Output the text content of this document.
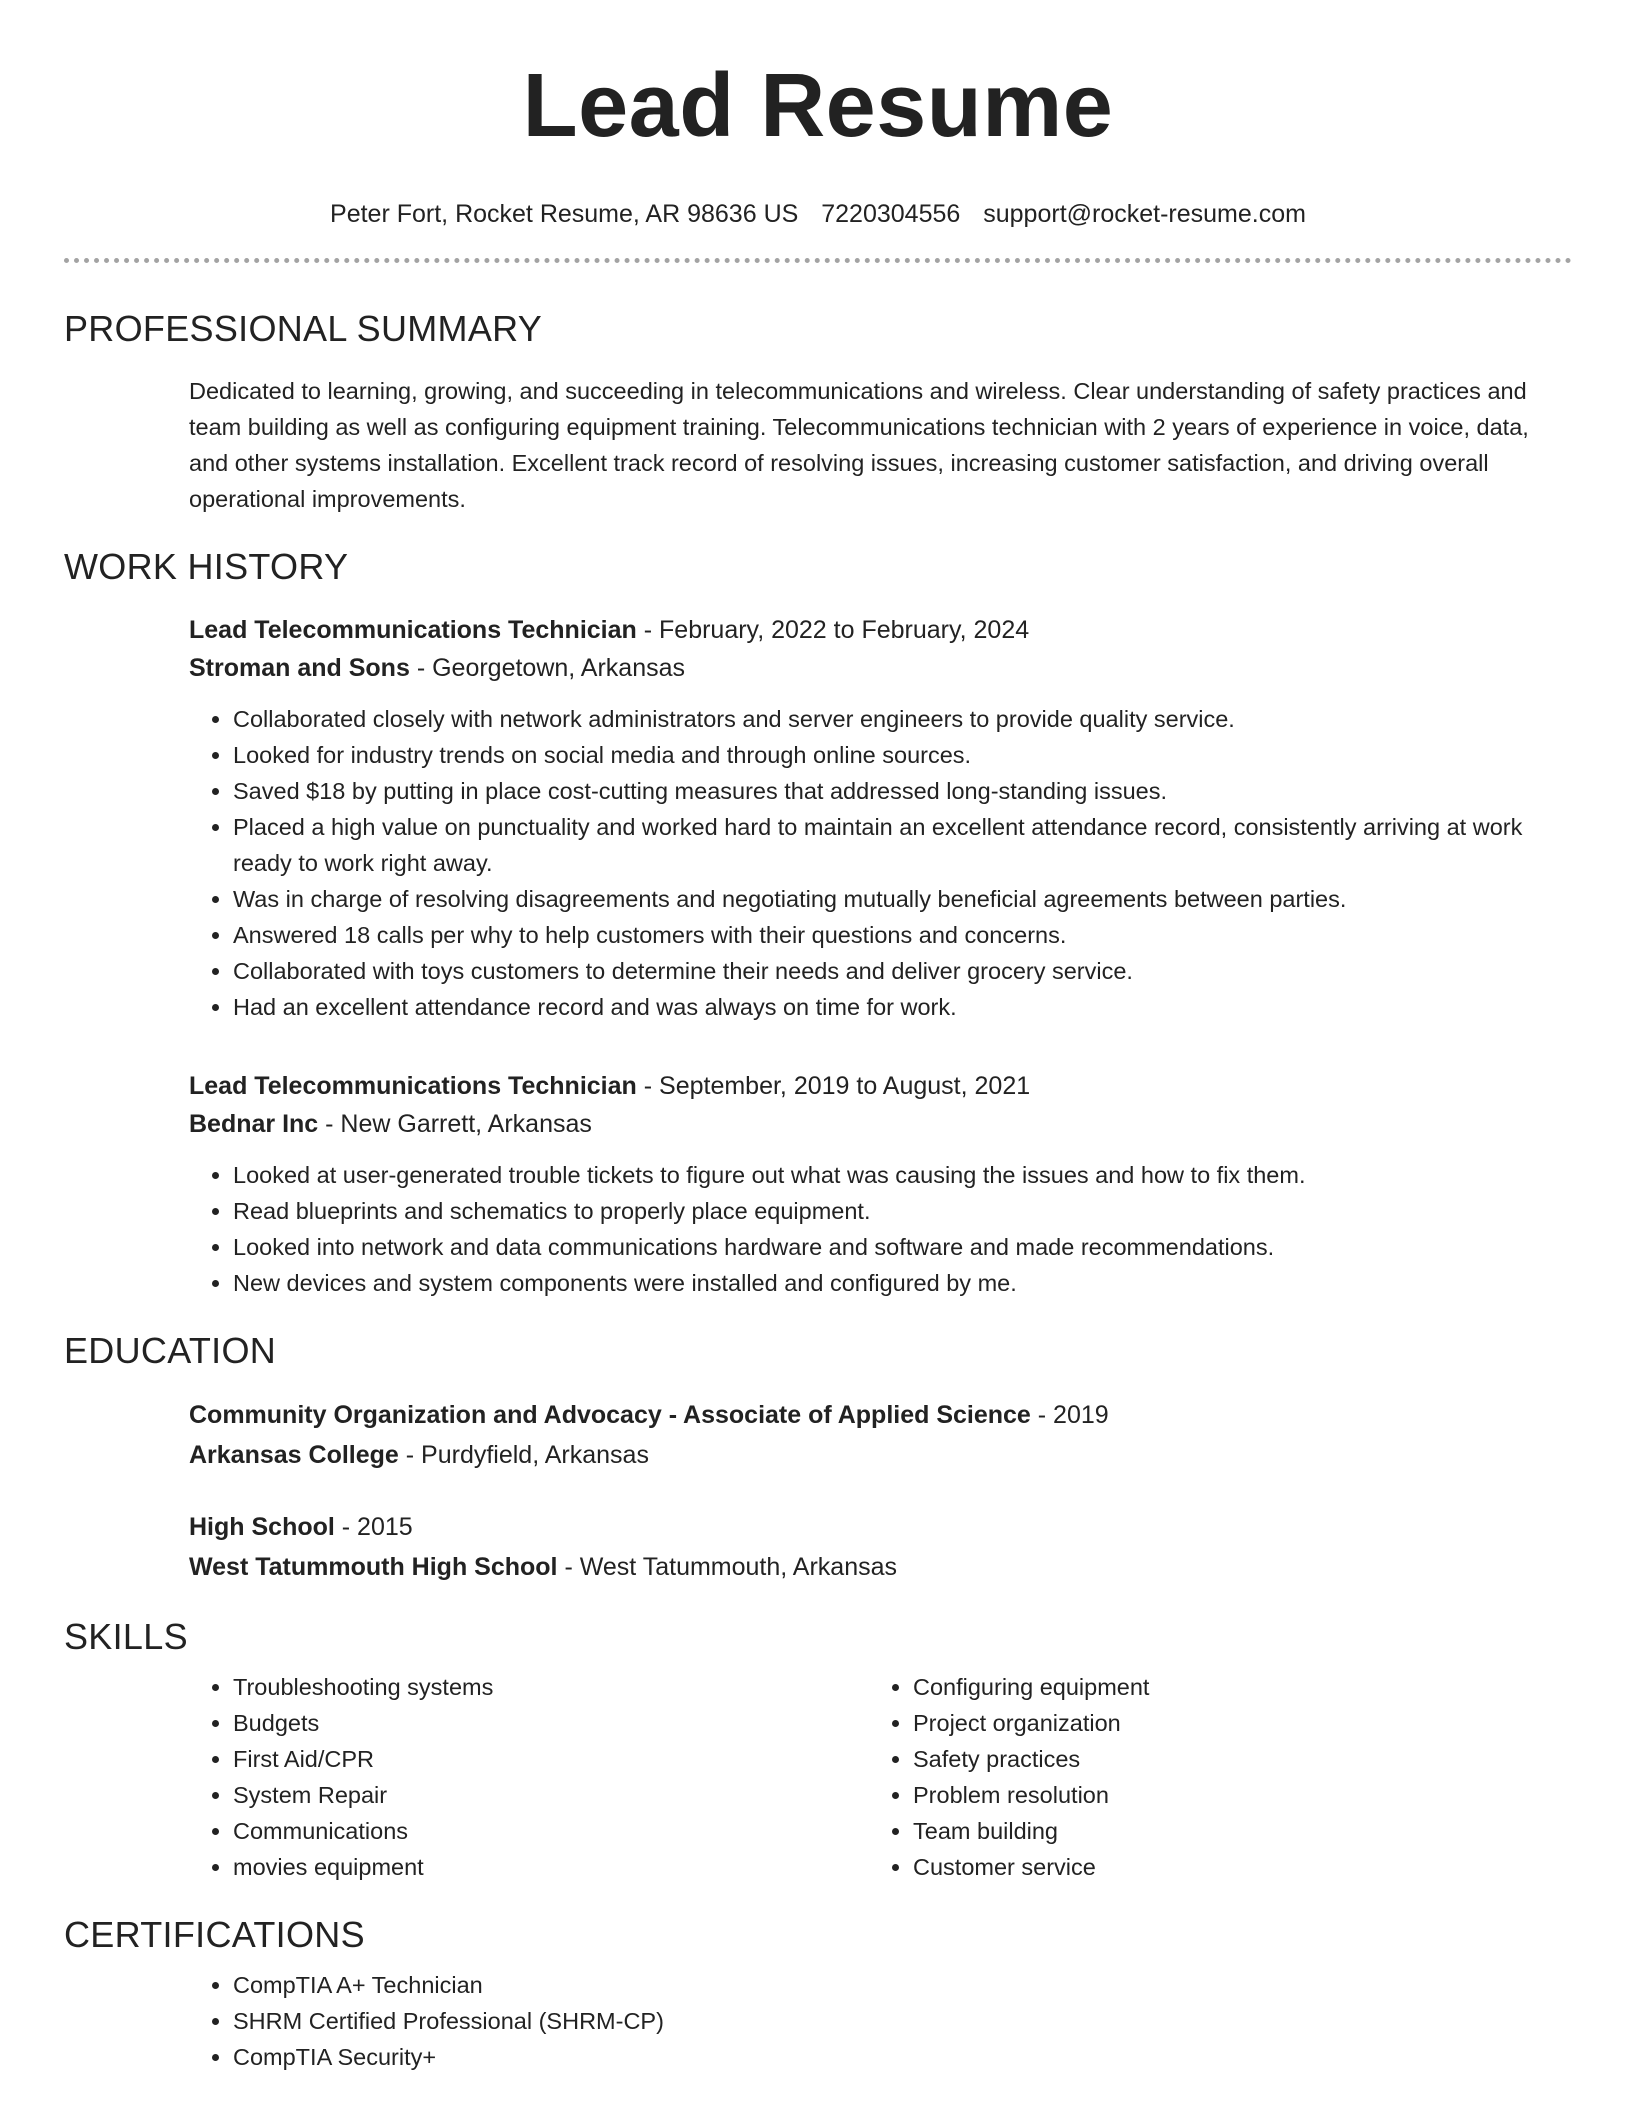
Lead Resume
Peter Fort, Rocket Resume, AR 98636 US 7220304556 support@rocket-resume.com
PROFESSIONAL SUMMARY

Dedicated to learning, growing, and succeeding in telecommunications and wireless. Clear understanding of safety practices and team building as well as configuring equipment training. Telecommunications technician with 2 years of experience in voice, data, and other systems installation. Excellent track record of resolving issues, increasing customer satisfaction, and driving overall operational improvements.

WORK HISTORY
Lead Telecommunications Technician - February, 2022 to February, 2024
Stroman and Sons - Georgetown, Arkansas
• Collaborated closely with network administrators and server engineers to provide quality service.
• Looked for industry trends on social media and through online sources.
• Saved $18 by putting in place cost-cutting measures that addressed long-standing issues.
• Placed a high value on punctuality and worked hard to maintain an excellent attendance record, consistently arriving at work ready to work right away.
• Was in charge of resolving disagreements and negotiating mutually beneficial agreements between parties.
• Answered 18 calls per why to help customers with their questions and concerns.
• Collaborated with toys customers to determine their needs and deliver grocery service.
• Had an excellent attendance record and was always on time for work.
Lead Telecommunications Technician - September, 2019 to August, 2021
Bednar Inc - New Garrett, Arkansas
• Looked at user-generated trouble tickets to figure out what was causing the issues and how to fix them.
• Read blueprints and schematics to properly place equipment.
• Looked into network and data communications hardware and software and made recommendations.
• New devices and system components were installed and configured by me.
EDUCATION
Community Organization and Advocacy - Associate of Applied Science - 2019
Arkansas College - Purdyfield, Arkansas
High School - 2015
West Tatummouth High School - West Tatummouth, Arkansas
SKILLS
• Troubleshooting systems
• Budgets
• First Aid/CPR
• System Repair
• Communications
• movies equipment
• Configuring equipment
• Project organization
• Safety practices
• Problem resolution
• Team building
• Customer service
CERTIFICATIONS
• CompTIA A+ Technician
• SHRM Certified Professional (SHRM-CP)
• CompTIA Security+
